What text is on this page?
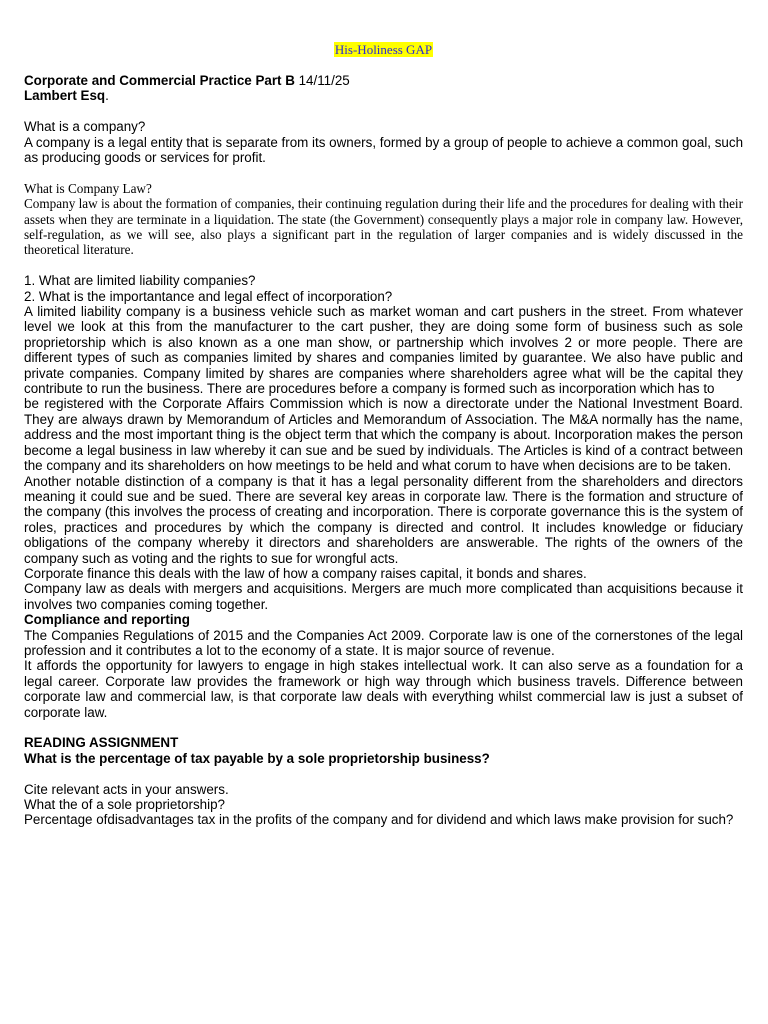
His-Holiness GAP

Corporate and Commercial Practice Part B 14/11/25

Lambert Esq.

What is a company?

A company is a legal entity that is separate from its owners, formed by a group of people to achieve a common goal, such as producing goods or services for profit.

What is Company Law?

Company law is about the formation of companies, their continuing regulation during their life and the procedures for dealing with their assets when they are terminate in a liquidation. The state (the Government) consequently plays a major role in company law. However, self-regulation, as we will see, also plays a significant part in the regulation of larger companies and is widely discussed in the theoretical literature.

1. What are limited liability companies?

2. What is the importantance and legal effect of incorporation?

A limited liability company is a business vehicle such as market woman and cart pushers in the street. From whatever level we look at this from the manufacturer to the cart pusher, they are doing some form of business such as sole proprietorship which is also known as a one man show, or partnership which involves 2 or more people. There are different types of such as companies limited by shares and companies limited by guarantee. We also have public and private companies. Company limited by shares are companies where shareholders agree what will be the capital they contribute to run the business. There are procedures before a company is formed such as incorporation which has to

be registered with the Corporate Affairs Commission which is now a directorate under the National Investment Board. They are always drawn by Memorandum of Articles and Memorandum of Association. The M&A normally has the name, address and the most important thing is the object term that which the company is about. Incorporation makes the person become a legal business in law whereby it can sue and be sued by individuals. The Articles is kind of a contract between the company and its shareholders on how meetings to be held and what corum to have when decisions are to be taken.

Another notable distinction of a company is that it has a legal personality different from the shareholders and directors meaning it could sue and be sued. There are several key areas in corporate law. There is the formation and structure of the company (this involves the process of creating and incorporation. There is corporate governance this is the system of roles, practices and procedures by which the company is directed and control. It includes knowledge or fiduciary obligations of the company whereby it directors and shareholders are answerable. The rights of the owners of the company such as voting and the rights to sue for wrongful acts.

Corporate finance this deals with the law of how a company raises capital, it bonds and shares.

Company law as deals with mergers and acquisitions. Mergers are much more complicated than acquisitions because it involves two companies coming together.

Compliance and reporting

The Companies Regulations of 2015 and the Companies Act 2009. Corporate law is one of the cornerstones of the legal profession and it contributes a lot to the economy of a state. It is major source of revenue.

It affords the opportunity for lawyers to engage in high stakes intellectual work. It can also serve as a foundation for a legal career. Corporate law provides the framework or high way through which business travels. Difference between corporate law and commercial law, is that corporate law deals with everything whilst commercial law is just a subset of corporate law.

READING ASSIGNMENT

What is the percentage of tax payable by a sole proprietorship business?

Cite relevant acts in your answers.

What the of a sole proprietorship?

Percentage ofdisadvantages tax in the profits of the company and for dividend and which laws make provision for such?
